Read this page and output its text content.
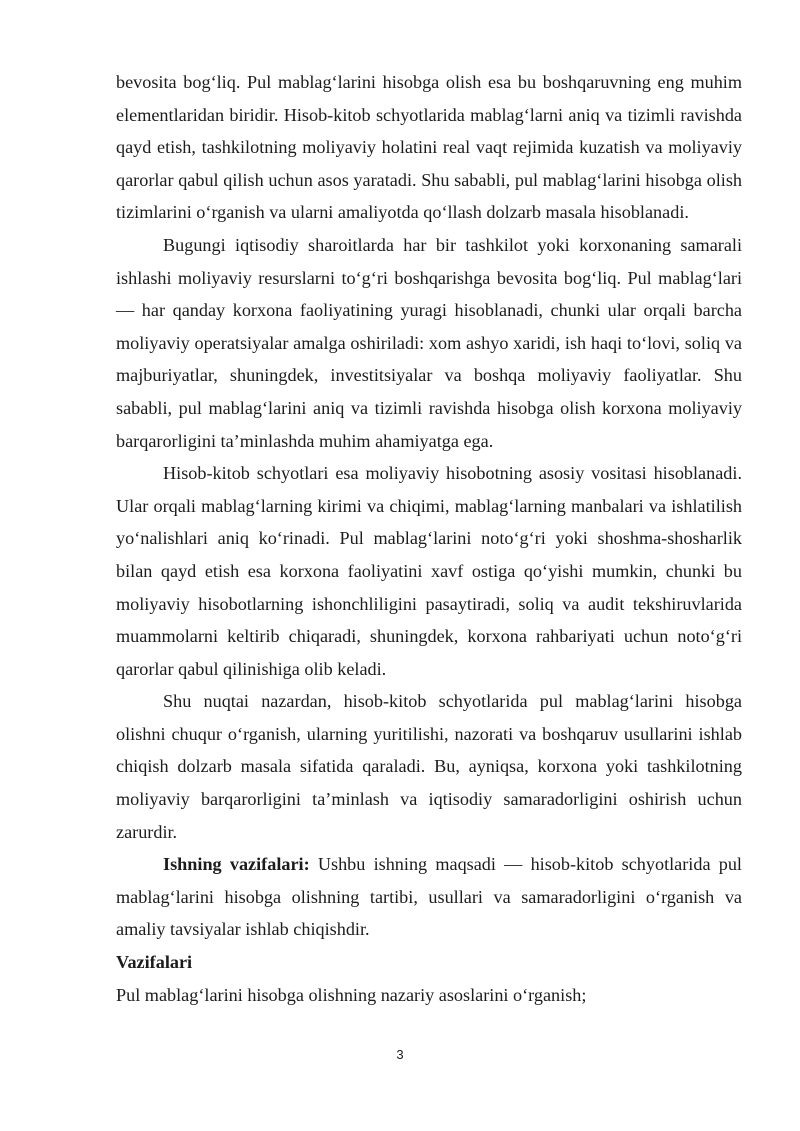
bevosita bog‘liq. Pul mablag‘larini hisobga olish esa bu boshqaruvning eng muhim elementlaridan biridir. Hisob-kitob schyotlarida mablag‘larni aniq va tizimli ravishda qayd etish, tashkilotning moliyaviy holatini real vaqt rejimida kuzatish va moliyaviy qarorlar qabul qilish uchun asos yaratadi. Shu sababli, pul mablag‘larini hisobga olish tizimlarini o‘rganish va ularni amaliyotda qo‘llash dolzarb masala hisoblanadi.

Bugungi iqtisodiy sharoitlarda har bir tashkilot yoki korxonaning samarali ishlashi moliyaviy resurslarni to‘g‘ri boshqarishga bevosita bog‘liq. Pul mablag‘lari — har qanday korxona faoliyatining yuragi hisoblanadi, chunki ular orqali barcha moliyaviy operatsiyalar amalga oshiriladi: xom ashyo xaridi, ish haqi to‘lovi, soliq va majburiyatlar, shuningdek, investitsiyalar va boshqa moliyaviy faoliyatlar. Shu sababli, pul mablag‘larini aniq va tizimli ravishda hisobga olish korxona moliyaviy barqarorligini ta’minlashda muhim ahamiyatga ega.

Hisob-kitob schyotlari esa moliyaviy hisobotning asosiy vositasi hisoblanadi. Ular orqali mablag‘larning kirimi va chiqimi, mablag‘larning manbalari va ishlatilish yo‘nalishlari aniq ko‘rinadi. Pul mablag‘larini noto‘g‘ri yoki shoshma-shosharlik bilan qayd etish esa korxona faoliyatini xavf ostiga qo‘yishi mumkin, chunki bu moliyaviy hisobotlarning ishonchliligini pasaytiradi, soliq va audit tekshiruvlarida muammolarni keltirib chiqaradi, shuningdek, korxona rahbariyati uchun noto‘g‘ri qarorlar qabul qilinishiga olib keladi.

Shu nuqtai nazardan, hisob-kitob schyotlarida pul mablag‘larini hisobga olishni chuqur o‘rganish, ularning yuritilishi, nazorati va boshqaruv usullarini ishlab chiqish dolzarb masala sifatida qaraladi. Bu, ayniqsa, korxona yoki tashkilotning moliyaviy barqarorligini ta’minlash va iqtisodiy samaradorligini oshirish uchun zarurdir.

Ishning vazifalari: Ushbu ishning maqsadi — hisob-kitob schyotlarida pul mablag‘larini hisobga olishning tartibi, usullari va samaradorligini o‘rganish va amaliy tavsiyalar ishlab chiqishdir.

Vazifalari

Pul mablag‘larini hisobga olishning nazariy asoslarini o‘rganish;

3
